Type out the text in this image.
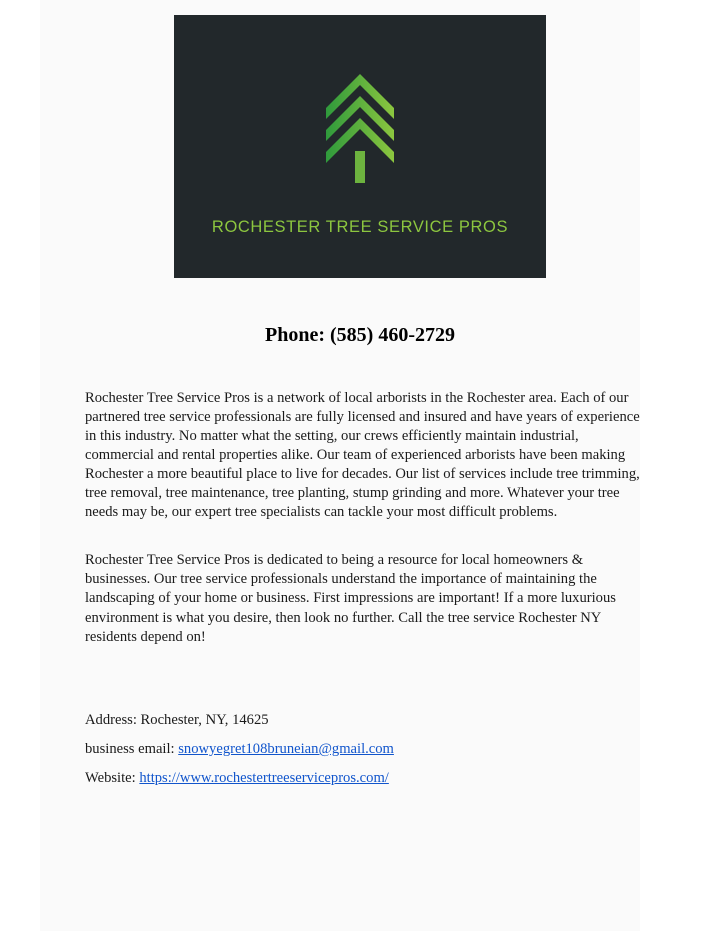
ROCHESTER TREE SERVICE PROS
Phone: (585) 460-2729

Rochester Tree Service Pros is a network of local arborists in the Rochester area. Each of our partnered tree service professionals are fully licensed and insured and have years of experience in this industry. No matter what the setting, our crews efficiently maintain industrial, commercial and rental properties alike. Our team of experienced arborists have been making Rochester a more beautiful place to live for decades. Our list of services include tree trimming, tree removal, tree maintenance, tree planting, stump grinding and more. Whatever your tree needs may be, our expert tree specialists can tackle your most difficult problems.

Rochester Tree Service Pros is dedicated to being a resource for local homeowners & businesses. Our tree service professionals understand the importance of maintaining the landscaping of your home or business. First impressions are important! If a more luxurious environment is what you desire, then look no further. Call the tree service Rochester NY residents depend on!

Address: Rochester, NY, 14625
business email: snowyegret108bruneian@gmail.com
Website: https://www.rochestertreeservicepros.com/
